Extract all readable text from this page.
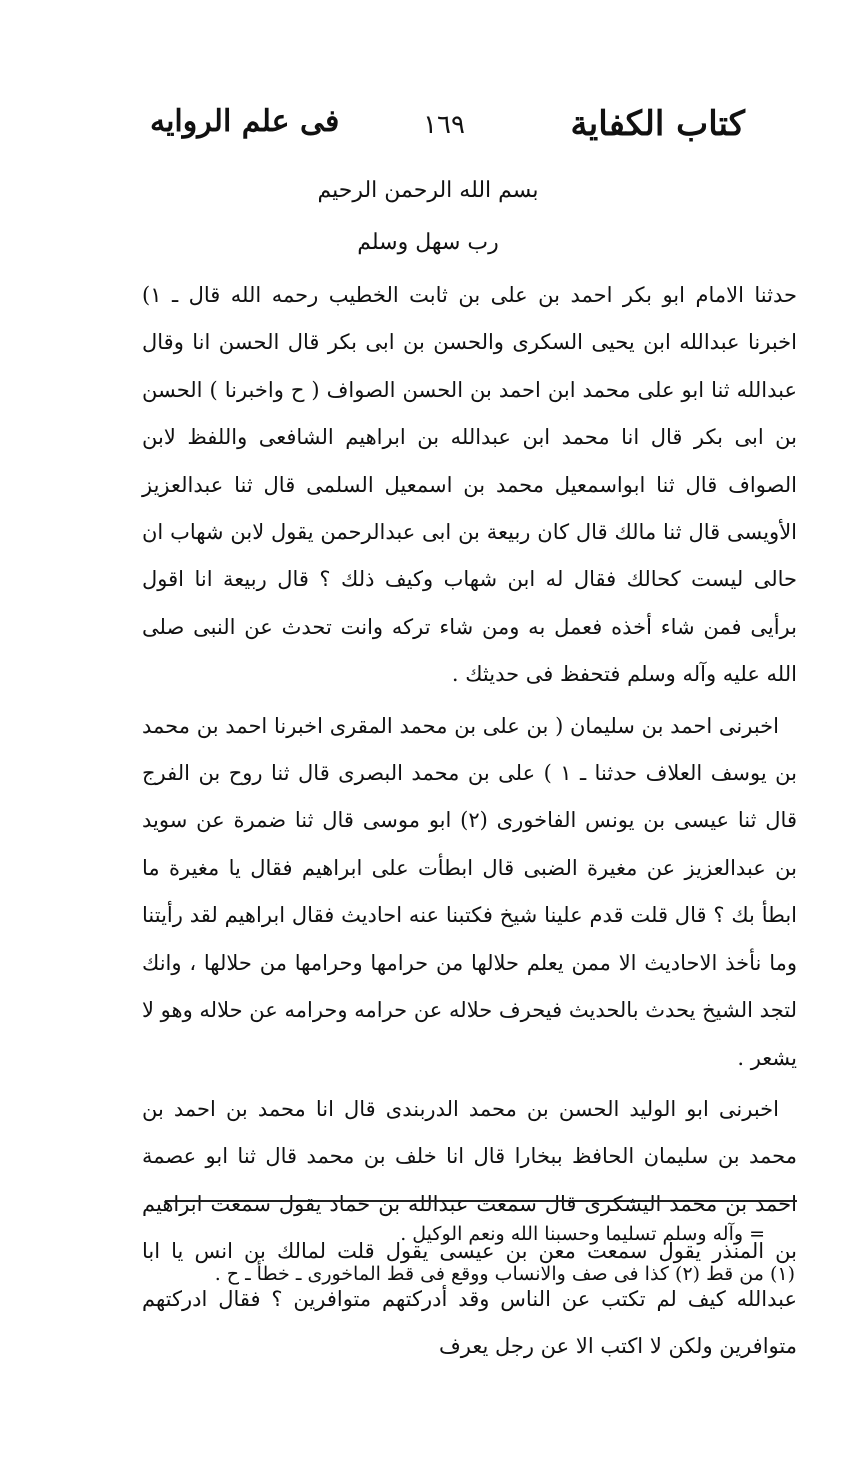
كتاب الكفاية
١٦٩
فى علم الروايه
بسم الله الرحمن الرحيم
رب سهل وسلم

حدثنا الامام ابو بكر احمد بن على بن ثابت الخطيب رحمه الله قال ـ ١) اخبرنا عبدالله ابن يحيى السكرى والحسن بن ابى بكر قال الحسن انا وقال عبدالله ثنا ابو على محمد ابن احمد بن الحسن الصواف ( ح واخبرنا ) الحسن بن ابى بكر قال انا محمد ابن عبدالله بن ابراهيم الشافعى واللفظ لابن الصواف قال ثنا ابواسمعيل محمد بن اسمعيل السلمى قال ثنا عبدالعزيز الأويسى قال ثنا مالك قال كان ربيعة بن ابى عبدالرحمن يقول لابن شهاب ان حالى ليست كحالك فقال له ابن شهاب وكيف ذلك ؟ قال ربيعة انا اقول برأيى فمن شاء أخذه فعمل به ومن شاء تركه وانت تحدث عن النبى صلى الله عليه وآله وسلم فتحفظ فى حديثك .

اخبرنى احمد بن سليمان ( بن على بن محمد المقرى اخبرنا احمد بن محمد بن يوسف العلاف حدثنا ـ ١ ) على بن محمد البصرى قال ثنا روح بن الفرج قال ثنا عيسى بن يونس الفاخورى (٢) ابو موسى قال ثنا ضمرة عن سويد بن عبدالعزيز عن مغيرة الضبى قال ابطأت على ابراهيم فقال يا مغيرة ما ابطأ بك ؟ قال قلت قدم علينا شيخ فكتبنا عنه احاديث فقال ابراهيم لقد رأيتنا وما نأخذ الاحاديث الا ممن يعلم حلالها من حرامها وحرامها من حلالها ، وانك لتجد الشيخ يحدث بالحديث فيحرف حلاله عن حرامه وحرامه عن حلاله وهو لا يشعر .

اخبرنى ابو الوليد الحسن بن محمد الدربندى قال انا محمد بن احمد بن محمد بن سليمان الحافظ ببخارا قال انا خلف بن محمد قال ثنا ابو عصمة احمد بن محمد اليشكرى قال سمعت عبدالله بن حماد يقول سمعت ابراهيم بن المنذر يقول سمعت معن بن عيسى يقول قلت لمالك بن انس يا ابا عبدالله كيف لم تكتب عن الناس وقد أدركتهم متوافرين ؟ فقال ادركتهم متوافرين ولكن لا اكتب الا عن رجل يعرف

= وآله وسلم تسليما وحسبنا الله ونعم الوكيل .
(١) من قط (٢) كذا فى صف والانساب ووقع فى قط الماخورى ـ خطأ ـ ح .
